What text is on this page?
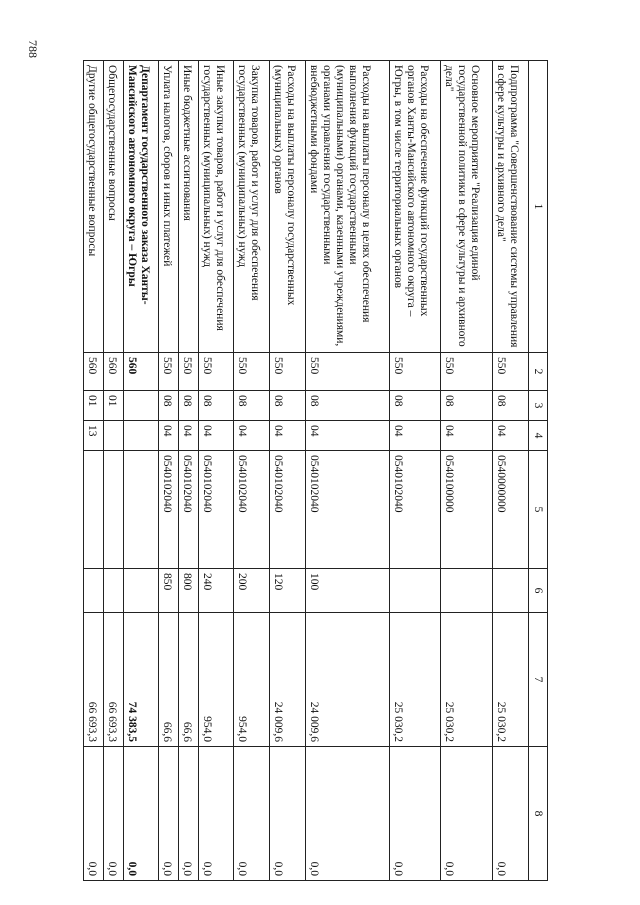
788
1	2	3	4	5	6	7	8
Подпрограмма "Совершенствование системы управления в сфере культуры и архивного дела"	550	08	04	0540000000		25 030,2	0,0
Основное мероприятие "Реализация единой государственной политики в сфере культуры и архивного дела"	550	08	04	0540100000		25 030,2	0,0
Расходы на обеспечение функций государственных органов Ханты-Мансийского автономного округа – Югры, в том числе территориальных органов	550	08	04	0540102040		25 030,2	0,0
Расходы на выплаты персоналу в целях обеспечения выполнения функций государственными (муниципальными) органами, казенными учреждениями, органами управления государственными внебюджетными фондами	550	08	04	0540102040	100	24 009,6	0,0
Расходы на выплаты персоналу государственных (муниципальных) органов	550	08	04	0540102040	120	24 009,6	0,0
Закупка товаров, работ и услуг для обеспечения государственных (муниципальных) нужд	550	08	04	0540102040	200	954,0	0,0
Иные закупки товаров, работ и услуг для обеспечения государственных (муниципальных) нужд	550	08	04	0540102040	240	954,0	0,0
Иные бюджетные ассигнования	550	08	04	0540102040	800	66,6	0,0
Уплата налогов, сборов и иных платежей	550	08	04	0540102040	850	66,6	0,0
Департамент государственного заказа Ханты-Мансийского автономного округа – Югры	560					74 383,5	0,0
Общегосударственные вопросы	560	01				66 693,3	0,0
Другие общегосударственные вопросы	560	01	13			66 693,3	0,0
